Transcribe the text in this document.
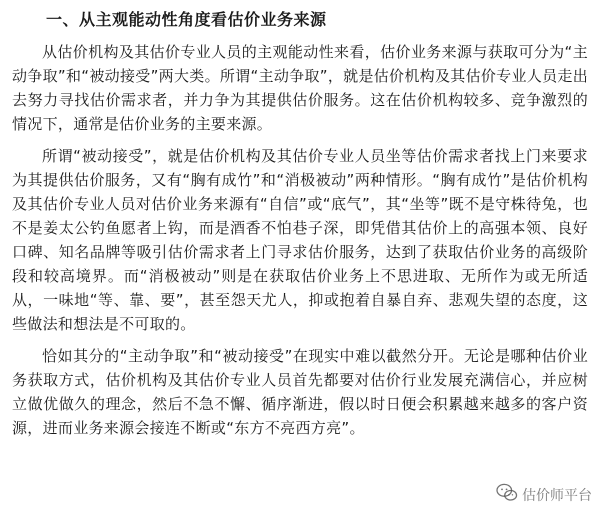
一、从主观能动性角度看估价业务来源

从估价机构及其估价专业人员的主观能动性来看，估价业务来源与获取可分为“主动争取”和“被动接受”两大类。所谓“主动争取”，就是估价机构及其估价专业人员走出去努力寻找估价需求者，并力争为其提供估价服务。这在估价机构较多、竞争激烈的情况下，通常是估价业务的主要来源。

所谓“被动接受”，就是估价机构及其估价专业人员坐等估价需求者找上门来要求为其提供估价服务，又有“胸有成竹”和“消极被动”两种情形。“胸有成竹”是估价机构及其估价专业人员对估价业务来源有“自信”或“底气”，其“坐等”既不是守株待兔，也不是姜太公钓鱼愿者上钩，而是酒香不怕巷子深，即凭借其估价上的高强本领、良好口碑、知名品牌等吸引估价需求者上门寻求估价服务，达到了获取估价业务的高级阶段和较高境界。而“消极被动”则是在获取估价业务上不思进取、无所作为或无所适从，一味地“等、靠、要”，甚至怨天尤人，抑或抱着自暴自弃、悲观失望的态度，这些做法和想法是不可取的。

恰如其分的“主动争取”和“被动接受”在现实中难以截然分开。无论是哪种估价业务获取方式，估价机构及其估价专业人员首先都要对估价行业发展充满信心，并应树立做优做久的理念，然后不急不懈、循序渐进，假以时日便会积累越来越多的客户资源，进而业务来源会接连不断或“东方不亮西方亮”。

估价师平台
